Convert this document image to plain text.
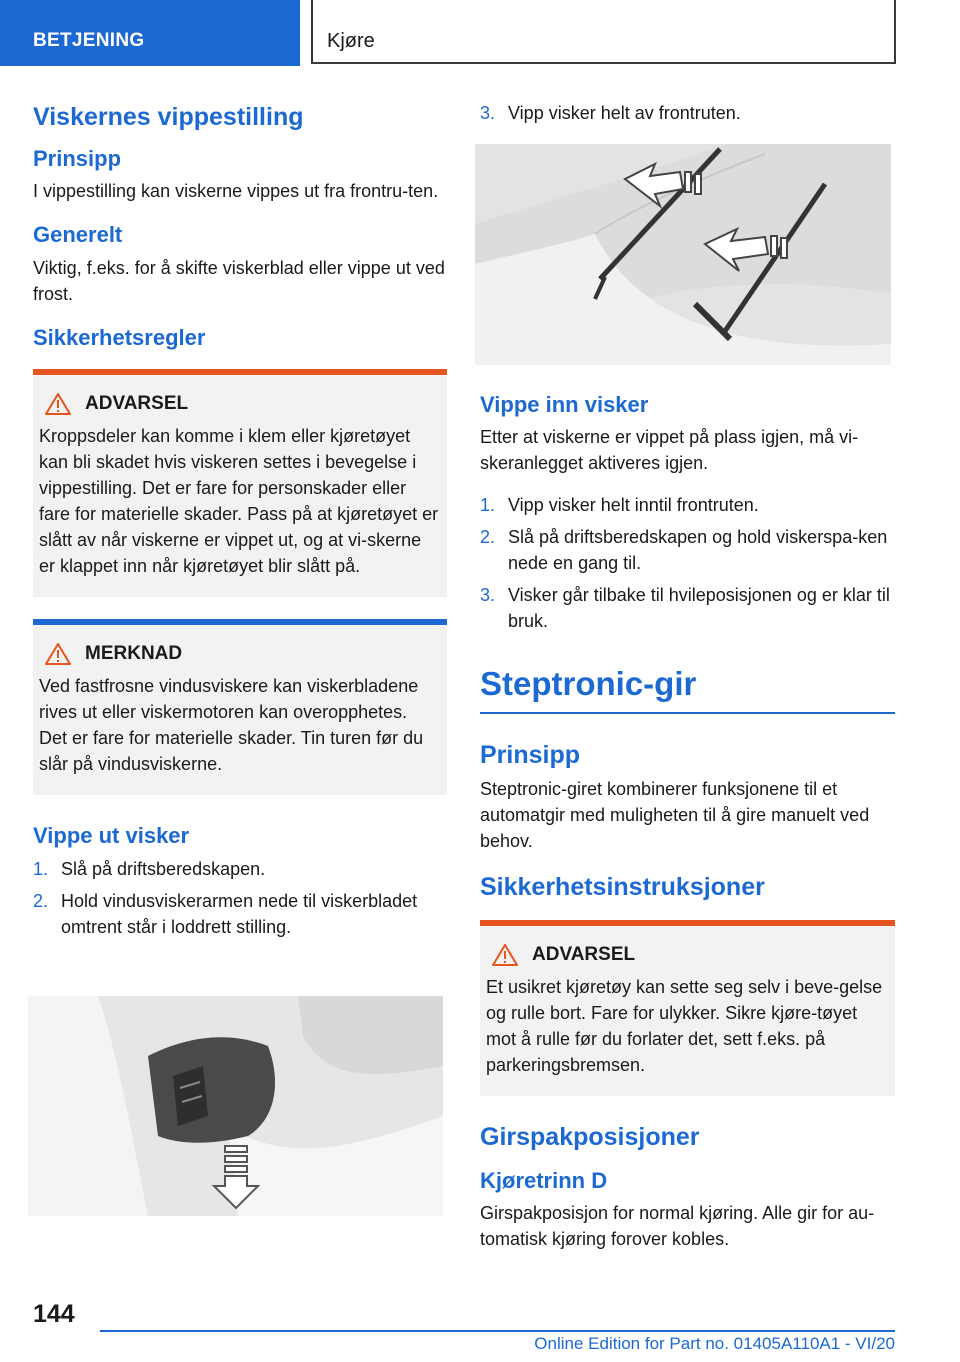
BETJENING	Kjøre
Viskernes vippestilling
Prinsipp

I vippestilling kan viskerne vippes ut fra frontru-ten.

Generelt

Viktig, f.eks. for å skifte viskerblad eller vippe ut ved frost.

Sikkerhetsregler
ADVARSEL
Kroppsdeler kan komme i klem eller kjøretøyet kan bli skadet hvis viskeren settes i bevegelse i vippestilling. Det er fare for personskader eller fare for materielle skader. Pass på at kjøretøyet er slått av når viskerne er vippet ut, og at vi-skerne er klappet inn når kjøretøyet blir slått på.
MERKNAD
Ved fastfrosne vindusviskere kan viskerbladene rives ut eller viskermotoren kan overopphetes. Det er fare for materielle skader. Tin turen før du slår på vindusviskerne.
Vippe ut visker
1. Slå på driftsberedskapen.
2. Hold vindusviskerarmen nede til viskerbladet omtrent står i loddrett stilling.
3. Vipp visker helt av frontruten.
Vippe inn visker

Etter at viskerne er vippet på plass igjen, må vi-skeranlegget aktiveres igjen.

1. Vipp visker helt inntil frontruten.
2. Slå på driftsberedskapen og hold viskerspa-ken nede en gang til.
3. Visker går tilbake til hvileposisjonen og er klar til bruk.
Steptronic-gir
Prinsipp

Steptronic-giret kombinerer funksjonene til et automatgir med muligheten til å gire manuelt ved behov.

Sikkerhetsinstruksjoner
ADVARSEL
Et usikret kjøretøy kan sette seg selv i beve-gelse og rulle bort. Fare for ulykker. Sikre kjøre-tøyet mot å rulle før du forlater det, sett f.eks. på parkeringsbremsen.
Girspakposisjoner
Kjøretrinn D

Girspakposisjon for normal kjøring. Alle gir for au-tomatisk kjøring forover kobles.

144
Online Edition for Part no. 01405A110A1 - VI/20
